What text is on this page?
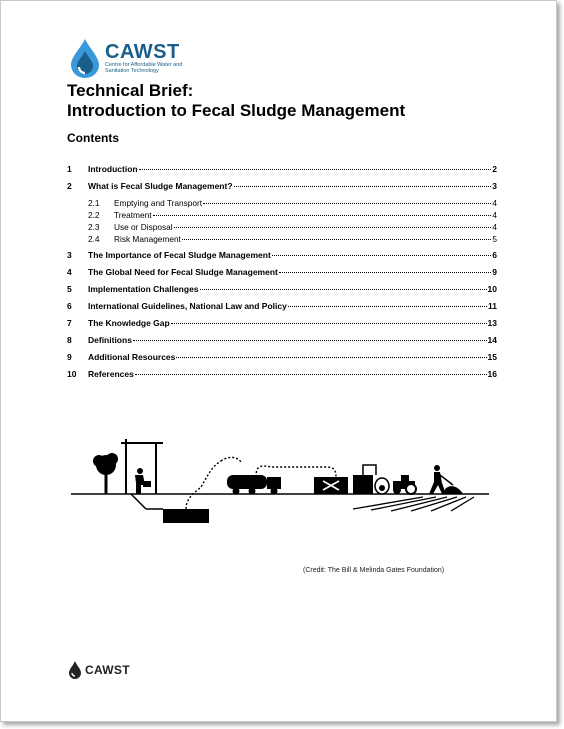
CAWST
Centre for Affordable Water and Sanitation Technology
Technical Brief:
Introduction to Fecal Sludge Management
Contents
1	Introduction	2
2	What is Fecal Sludge Management?	3
2.1	Emptying and Transport	4
2.2	Treatment	4
2.3	Use or Disposal	4
2.4	Risk Management	5
3	The Importance of Fecal Sludge Management	6
4	The Global Need for Fecal Sludge Management	9
5	Implementation Challenges	10
6	International Guidelines, National Law and Policy	11
7	The Knowledge Gap	13
8	Definitions	14
9	Additional Resources	15
10	References	16
(Credit: The Bill & Melinda Gates Foundation)
CAWST
